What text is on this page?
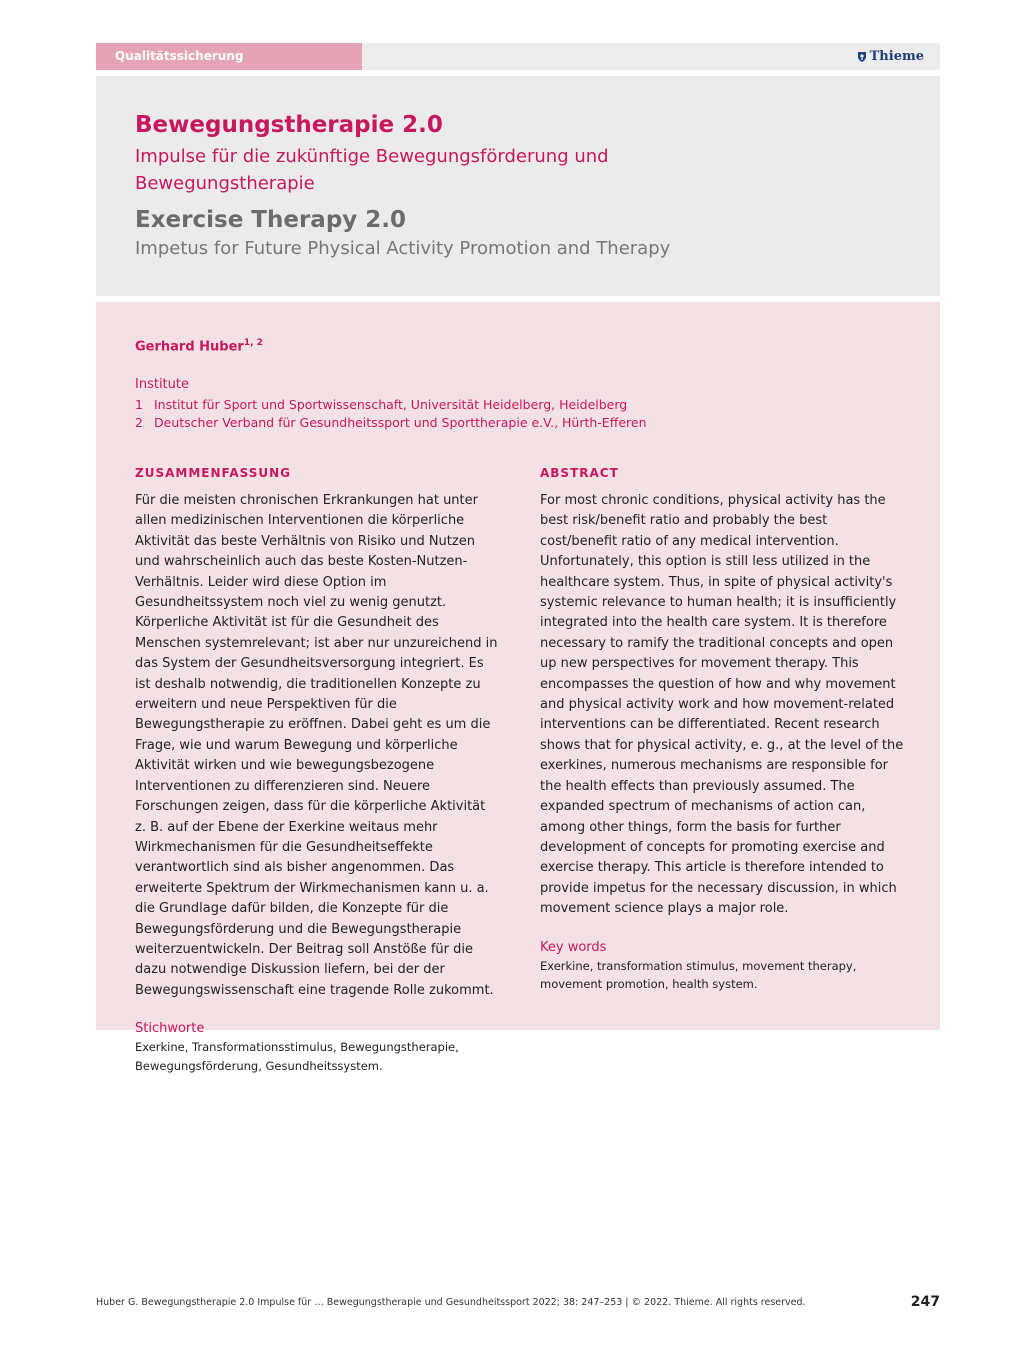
Qualitätssicherung	Thieme
Bewegungstherapie 2.0

Impulse für die zukünftige Bewegungsförderung und Bewegungstherapie

Exercise Therapy 2.0

Impetus for Future Physical Activity Promotion and Therapy

Gerhard Huber$^{1, 2}$
Institute
1 Institut für Sport und Sportwissenschaft, Universität Heidelberg, Heidelberg
2 Deutscher Verband für Gesundheitssport und Sporttherapie e.V., Hürth-Efferen
ZUSAMMENFASSUNG

Für die meisten chronischen Erkrankungen hat unter allen medizinischen Interventionen die körperliche Aktivität das beste Verhältnis von Risiko und Nutzen und wahrscheinlich auch das beste Kosten-Nutzen-Verhältnis. Leider wird diese Option im Gesundheitssystem noch viel zu wenig genutzt. Körperliche Aktivität ist für die Gesundheit des Menschen systemrelevant; ist aber nur unzureichend in das System der Gesundheitsversorgung integriert. Es ist deshalb notwendig, die traditionellen Konzepte zu erweitern und neue Perspektiven für die Bewegungstherapie zu eröffnen. Dabei geht es um die Frage, wie und warum Bewegung und körperliche Aktivität wirken und wie bewegungsbezogene Interventionen zu differenzieren sind. Neuere Forschungen zeigen, dass für die körperliche Aktivität z. B. auf der Ebene der Exerkine weitaus mehr Wirkmechanismen für die Gesundheitseffekte verantwortlich sind als bisher angenommen. Das erweiterte Spektrum der Wirkmechanismen kann u. a. die Grundlage dafür bilden, die Konzepte für die Bewegungsförderung und die Bewegungstherapie weiterzuentwickeln. Der Beitrag soll Anstöße für die dazu notwendige Diskussion liefern, bei der der Bewegungswissenschaft eine tragende Rolle zukommt.

Stichworte

Exerkine, Transformationsstimulus, Bewegungstherapie, Bewegungsförderung, Gesundheitssystem.

ABSTRACT

For most chronic conditions, physical activity has the best risk/benefit ratio and probably the best cost/benefit ratio of any medical intervention. Unfortunately, this option is still less utilized in the healthcare system. Thus, in spite of physical activity's systemic relevance to human health; it is insufficiently integrated into the health care system. It is therefore necessary to ramify the traditional concepts and open up new perspectives for movement therapy. This encompasses the question of how and why movement and physical activity work and how movement-related interventions can be differentiated. Recent research shows that for physical activity, e. g., at the level of the exerkines, numerous mechanisms are responsible for the health effects than previously assumed. The expanded spectrum of mechanisms of action can, among other things, form the basis for further development of concepts for promoting exercise and exercise therapy. This article is therefore intended to provide impetus for the necessary discussion, in which movement science plays a major role.

Key words

Exerkine, transformation stimulus, movement therapy, movement promotion, health system.

Huber G. Bewegungstherapie 2.0 Impulse für … Bewegungstherapie und Gesundheitssport 2022; 38: 247–253 | © 2022. Thieme. All rights reserved.	247
